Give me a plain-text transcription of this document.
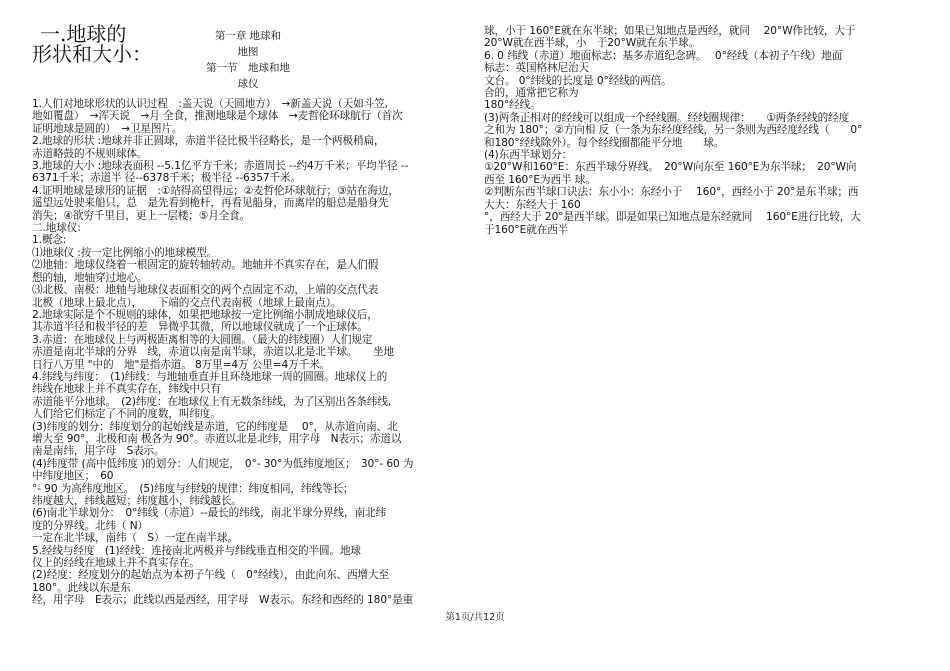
一.地球的
形状和大小：
第一章 地球和
地图
第一节　地球和地
球仪
1.人们对地球形状的认识过程　:盖天说（天圆地方）　→新盖天说（天如斗笠,
地如覆盘）　→浑天说　→月 全食，推测地球是个球体　→麦哲伦环球航行（首次
证明地球是圆的）　→卫星图片。
2.地球的形状 :地球并非正圆球，赤道半径比极半径略长，是一个两极稍扁，
赤道略鼓的不规则球体。
3.地球的大小 :地球表面积 --5.1亿平方千米；赤道周长 --约4万千米；平均半径 --
6371千米；赤道半 径--6378千米；极半径 --6357千米。
4.证明地球是球形的证据　:①站得高望得远；②麦哲伦环球航行；③站在海边，
遥望远处驶来船只，总　是先看到桅杆，再看见船身，而离岸的船总是船身先
消失；④欲穷千里目，更上一层楼；⑤月全食。
二.地球仪:
1.概念:
⑴地球仪 :按一定比例缩小的地球模型。
⑵地轴：地球仪绕着一根固定的旋转轴转动。地轴并不真实存在，是人们假
想的轴，地轴穿过地心。
⑶北极、南极：地轴与地球仪表面相交的两个点固定不动，上端的交点代表
北极（地球上最北点），　　下端的交点代表南极（地球上最南点）。
2.地球实际是个不规则的球体，如果把地球按一定比例缩小制成地球仪后，
其赤道半径和极半径的差　异微乎其微，所以地球仪就成了一个正球体。
3.赤道：在地球仪上与两极距离相等的大圆圈。（最大的纬线圈）人们规定
赤道是南北半球的分界　线，赤道以南是南半球，赤道以北是北半球。　　坐地
日行八万里 "中的　地"是指赤道。 8万里=4万 公里=4万千米。
4.纬线与纬度：　(1)纬线：与地轴垂直并且环绕地球一周的圆圈。地球仪上的
纬线在地球上并不真实存在，纬线中只有
赤道能平分地球。　(2)纬度：在地球仪上有无数条纬线，为了区别出各条纬线,
人们给它们标定了不同的度数，叫纬度。
(3)纬度的划分：纬度划分的起始线是赤道，它的纬度是　 0°，从赤道向南、北
增大至 90°，北极和南 极各为 90°。赤道以北是北纬，用字母　N表示；赤道以
南是南纬，用字母　S表示。
(4)纬度带 (高中低纬度 )的划分：人们规定，　0°- 30°为低纬度地区；　30°- 60 为
中纬度地区；　60
°- 90 为高纬度地区。　(5)纬度与纬线的规律：纬度相同，纬线等长；
纬度越大，纬线越短；纬度越小，纬线越长。
(6)南北半球划分：　0°纬线（赤道）--最长的纬线，南北半球分界线，南北纬
度的分界线。北纬（ N）
一定在北半球，南纬（　S）一定在南半球。
5.经线与经度　(1)经线：连接南北两极并与纬线垂直相交的半圆。地球
仪上的经线在地球上并不真实存在。
(2)经度：经度划分的起始点为本初子午线（　0°经线），由此向东、西增大至
180°。此线以东是东
经，用字母　E表示；此线以西是西经，用字母　W表示。东经和西经的 180°是重
球，小于 160°E就在东半球；如果已知地点是西经，就同　 20°W作比较，大于
20°W就在西半球，小　于20°W就在东半球。
6. 0 纬线（赤道）地面标志：基多赤道纪念碑。　 0°经线（本初子午线）地面
标志：英国格林尼治天
文台。 0°纬线的长度是 0°经线的两倍。
合的，通常把它称为
180°经线。
(3)两条正相对的经线可以组成一个经线圈。经线圈规律：　　①两条经线的经度
之和为 180°；②方向相 反（一条为东经度经线，另一条则为西经度经线（　　0°
和180°经线除外）。每个经线圈都能平分地　　球。
(4)东西半球划分：
①20°W和160°E：东西半球分界线。　20°W向东至 160°E为东半球；　20°W向
西至 160°E为西半 球。
②判断东西半球口诀法：东小小：东经小于　 160°，西经小于 20°是东半球；西
大大：东经大于 160
°，西经大于 20°是西半球。即是如果已知地点是东经就同　 160°E进行比较，大
于160°E就在西半
第1页/共12页
